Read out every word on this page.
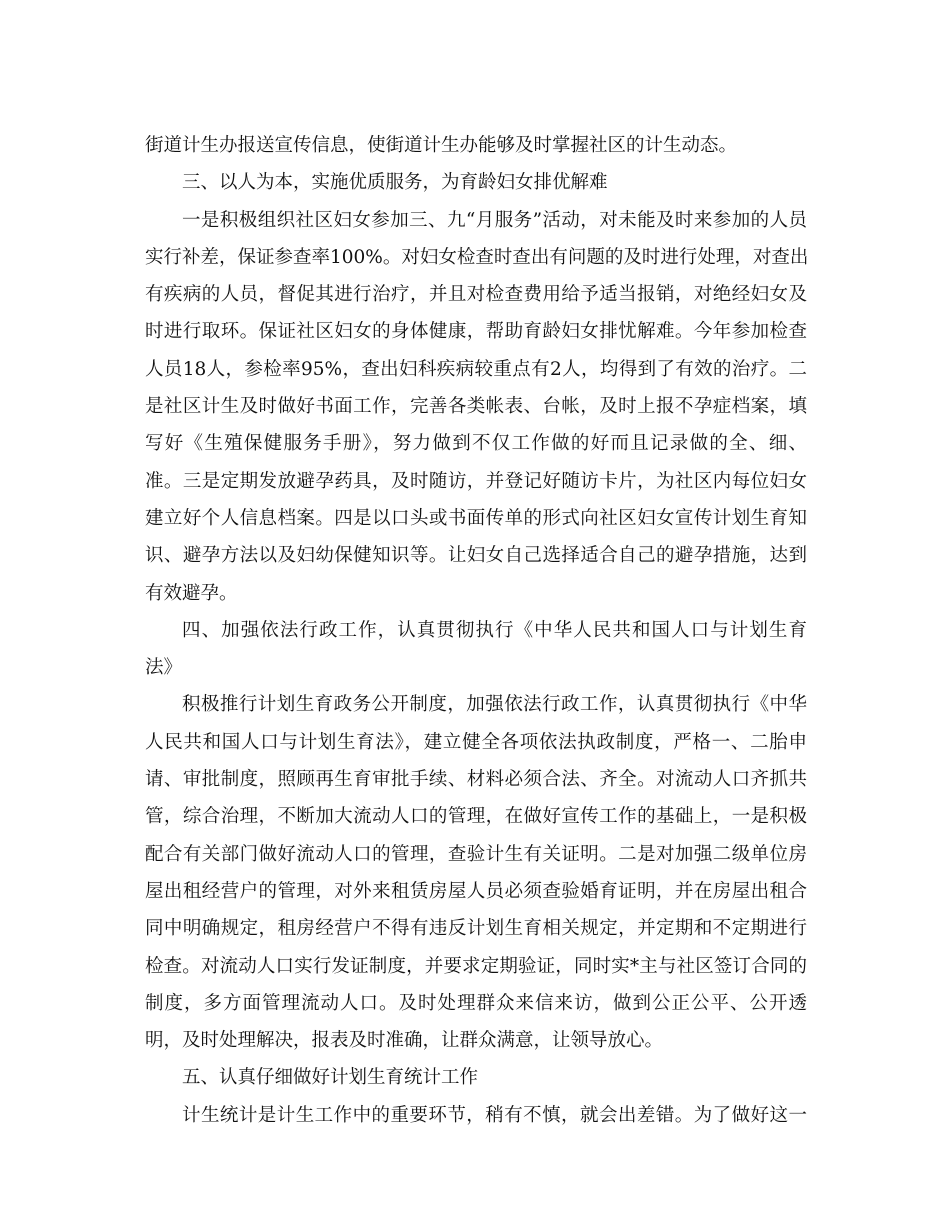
街道计生办报送宣传信息，使街道计生办能够及时掌握社区的计生动态。
三、以人为本，实施优质服务，为育龄妇女排优解难
一是积极组织社区妇女参加三、九“月服务”活动，对未能及时来参加的人员
实行补差，保证参查率100%。对妇女检查时查出有问题的及时进行处理，对查出
有疾病的人员，督促其进行治疗，并且对检查费用给予适当报销，对绝经妇女及
时进行取环。保证社区妇女的身体健康，帮助育龄妇女排忧解难。今年参加检查
人员18人，参检率95%，查出妇科疾病较重点有2人，均得到了有效的治疗。二
是社区计生及时做好书面工作，完善各类帐表、台帐，及时上报不孕症档案，填
写好《生殖保健服务手册》，努力做到不仅工作做的好而且记录做的全、细、
准。三是定期发放避孕药具，及时随访，并登记好随访卡片，为社区内每位妇女
建立好个人信息档案。四是以口头或书面传单的形式向社区妇女宣传计划生育知
识、避孕方法以及妇幼保健知识等。让妇女自己选择适合自己的避孕措施，达到
有效避孕。
四、加强依法行政工作，认真贯彻执行《中华人民共和国人口与计划生育
法》
积极推行计划生育政务公开制度，加强依法行政工作，认真贯彻执行《中华
人民共和国人口与计划生育法》，建立健全各项依法执政制度，严格一、二胎申
请、审批制度，照顾再生育审批手续、材料必须合法、齐全。对流动人口齐抓共
管，综合治理，不断加大流动人口的管理，在做好宣传工作的基础上，一是积极
配合有关部门做好流动人口的管理，查验计生有关证明。二是对加强二级单位房
屋出租经营户的管理，对外来租赁房屋人员必须查验婚育证明，并在房屋出租合
同中明确规定，租房经营户不得有违反计划生育相关规定，并定期和不定期进行
检查。对流动人口实行发证制度，并要求定期验证，同时实*主与社区签订合同的
制度，多方面管理流动人口。及时处理群众来信来访，做到公正公平、公开透
明，及时处理解决，报表及时准确，让群众满意，让领导放心。
五、认真仔细做好计划生育统计工作
计生统计是计生工作中的重要环节，稍有不慎，就会出差错。为了做好这一
